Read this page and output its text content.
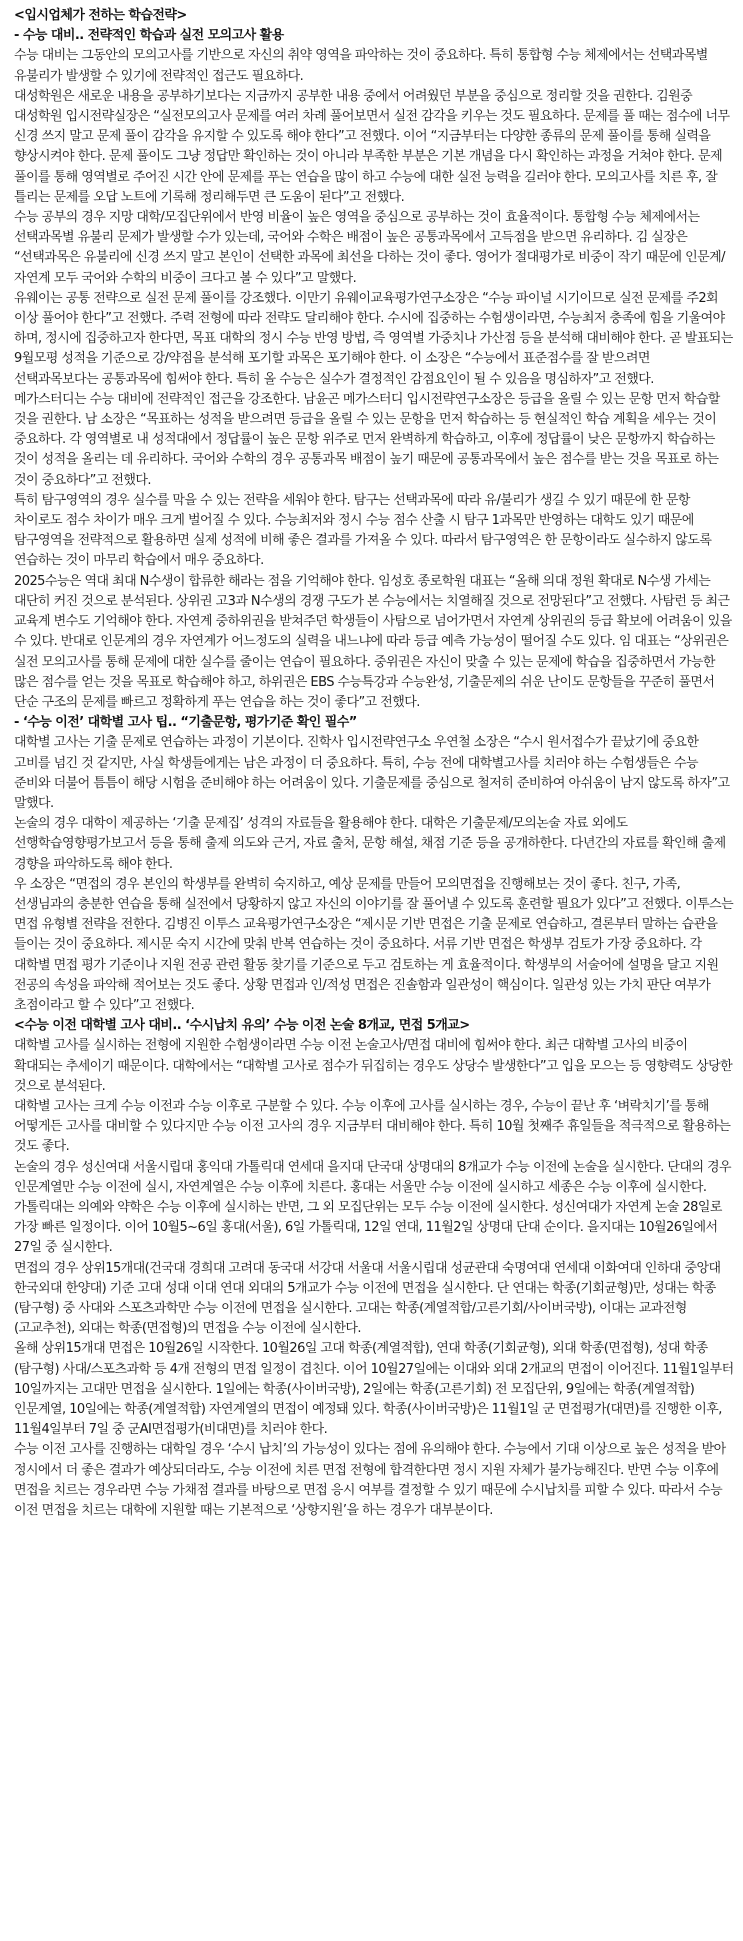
<입시업체가 전하는 학습전략>

- 수능 대비.. 전략적인 학습과 실전 모의고사 활용

수능 대비는 그동안의 모의고사를 기반으로 자신의 취약 영역을 파악하는 것이 중요하다. 특히 통합형 수능 체제에서는 선택과목별 유불리가 발생할 수 있기에 전략적인 접근도 필요하다.

대성학원은 새로운 내용을 공부하기보다는 지금까지 공부한 내용 중에서 어려웠던 부분을 중심으로 정리할 것을 권한다. 김원중 대성학원 입시전략실장은 “실전모의고사 문제를 여러 차례 풀어보면서 실전 감각을 키우는 것도 필요하다. 문제를 풀 때는 점수에 너무 신경 쓰지 말고 문제 풀이 감각을 유지할 수 있도록 해야 한다”고 전했다. 이어 “지금부터는 다양한 종류의 문제 풀이를 통해 실력을 향상시켜야 한다. 문제 풀이도 그냥 정답만 확인하는 것이 아니라 부족한 부분은 기본 개념을 다시 확인하는 과정을 거쳐야 한다. 문제 풀이를 통해 영역별로 주어진 시간 안에 문제를 푸는 연습을 많이 하고 수능에 대한 실전 능력을 길러야 한다. 모의고사를 치른 후, 잘 틀리는 문제를 오답 노트에 기록해 정리해두면 큰 도움이 된다”고 전했다.

수능 공부의 경우 지망 대학/모집단위에서 반영 비율이 높은 영역을 중심으로 공부하는 것이 효율적이다. 통합형 수능 체제에서는 선택과목별 유불리 문제가 발생할 수가 있는데, 국어와 수학은 배점이 높은 공통과목에서 고득점을 받으면 유리하다. 김 실장은 “선택과목은 유불리에 신경 쓰지 말고 본인이 선택한 과목에 최선을 다하는 것이 좋다. 영어가 절대평가로 비중이 작기 때문에 인문계/자연계 모두 국어와 수학의 비중이 크다고 볼 수 있다”고 말했다.

유웨이는 공통 전략으로 실전 문제 풀이를 강조했다. 이만기 유웨이교육평가연구소장은 “수능 파이널 시기이므로 실전 문제를 주2회 이상 풀어야 한다”고 전했다. 주력 전형에 따라 전략도 달리해야 한다. 수시에 집중하는 수험생이라면, 수능최저 충족에 힘을 기울여야 하며, 정시에 집중하고자 한다면, 목표 대학의 정시 수능 반영 방법, 즉 영역별 가중치나 가산점 등을 분석해 대비해야 한다. 곧 발표되는 9월모평 성적을 기준으로 강/약점을 분석해 포기할 과목은 포기해야 한다. 이 소장은 “수능에서 표준점수를 잘 받으려면 선택과목보다는 공통과목에 힘써야 한다. 특히 올 수능은 실수가 결정적인 감점요인이 될 수 있음을 명심하자”고 전했다.

메가스터디는 수능 대비에 전략적인 접근을 강조한다. 남윤곤 메가스터디 입시전략연구소장은 등급을 올릴 수 있는 문항 먼저 학습할 것을 권한다. 남 소장은 “목표하는 성적을 받으려면 등급을 올릴 수 있는 문항을 먼저 학습하는 등 현실적인 학습 계획을 세우는 것이 중요하다. 각 영역별로 내 성적대에서 정답률이 높은 문항 위주로 먼저 완벽하게 학습하고, 이후에 정답률이 낮은 문항까지 학습하는 것이 성적을 올리는 데 유리하다. 국어와 수학의 경우 공통과목 배점이 높기 때문에 공통과목에서 높은 점수를 받는 것을 목표로 하는 것이 중요하다”고 전했다.

특히 탐구영역의 경우 실수를 막을 수 있는 전략을 세워야 한다. 탐구는 선택과목에 따라 유/불리가 생길 수 있기 때문에 한 문항 차이로도 점수 차이가 매우 크게 벌어질 수 있다. 수능최저와 정시 수능 점수 산출 시 탐구 1과목만 반영하는 대학도 있기 때문에 탐구영역을 전략적으로 활용하면 실제 성적에 비해 좋은 결과를 가져올 수 있다. 따라서 탐구영역은 한 문항이라도 실수하지 않도록 연습하는 것이 마무리 학습에서 매우 중요하다.

2025수능은 역대 최대 N수생이 합류한 해라는 점을 기억해야 한다. 임성호 종로학원 대표는 “올해 의대 정원 확대로 N수생 가세는 대단히 커진 것으로 분석된다. 상위권 고3과 N수생의 경쟁 구도가 본 수능에서는 치열해질 것으로 전망된다”고 전했다. 사탐런 등 최근 교육계 변수도 기억해야 한다. 자연계 중하위권을 받쳐주던 학생들이 사탐으로 넘어가면서 자연계 상위권의 등급 확보에 어려움이 있을 수 있다. 반대로 인문계의 경우 자연계가 어느정도의 실력을 내느냐에 따라 등급 예측 가능성이 떨어질 수도 있다. 임 대표는 “상위권은 실전 모의고사를 통해 문제에 대한 실수를 줄이는 연습이 필요하다. 중위권은 자신이 맞출 수 있는 문제에 학습을 집중하면서 가능한 많은 점수를 얻는 것을 목표로 학습해야 하고, 하위권은 EBS 수능특강과 수능완성, 기출문제의 쉬운 난이도 문항들을 꾸준히 풀면서 단순 구조의 문제를 빠르고 정확하게 푸는 연습을 하는 것이 좋다”고 전했다.

- ‘수능 이전’ 대학별 고사 팁.. “기출문항, 평가기준 확인 필수”

대학별 고사는 기출 문제로 연습하는 과정이 기본이다. 진학사 입시전략연구소 우연철 소장은 “수시 원서접수가 끝났기에 중요한 고비를 넘긴 것 같지만, 사실 학생들에게는 남은 과정이 더 중요하다. 특히, 수능 전에 대학별고사를 치러야 하는 수험생들은 수능 준비와 더불어 틈틈이 해당 시험을 준비해야 하는 어려움이 있다. 기출문제를 중심으로 철저히 준비하여 아쉬움이 남지 않도록 하자”고 말했다.

논술의 경우 대학이 제공하는 ‘기출 문제집’ 성격의 자료들을 활용해야 한다. 대학은 기출문제/모의논술 자료 외에도 선행학습영향평가보고서 등을 통해 출제 의도와 근거, 자료 출처, 문항 해설, 채점 기준 등을 공개하한다. 다년간의 자료를 확인해 출제 경향을 파악하도록 해야 한다.

우 소장은 “면접의 경우 본인의 학생부를 완벽히 숙지하고, 예상 문제를 만들어 모의면접을 진행해보는 것이 좋다. 친구, 가족, 선생님과의 충분한 연습을 통해 실전에서 당황하지 않고 자신의 이야기를 잘 풀어낼 수 있도록 훈련할 필요가 있다”고 전했다. 이투스는 면접 유형별 전략을 전한다. 김병진 이투스 교육평가연구소장은 “제시문 기반 면접은 기출 문제로 연습하고, 결론부터 말하는 습관을 들이는 것이 중요하다. 제시문 숙지 시간에 맞춰 반복 연습하는 것이 중요하다. 서류 기반 면접은 학생부 검토가 가장 중요하다. 각 대학별 면접 평가 기준이나 지원 전공 관련 활동 찾기를 기준으로 두고 검토하는 게 효율적이다. 학생부의 서술어에 설명을 달고 지원 전공의 속성을 파악해 적어보는 것도 좋다. 상황 면접과 인/적성 면접은 진솔함과 일관성이 핵심이다. 일관성 있는 가치 판단 여부가 초점이라고 할 수 있다”고 전했다.

<수능 이전 대학별 고사 대비.. ‘수시납치 유의’ 수능 이전 논술 8개교, 면접 5개교>

대학별 고사를 실시하는 전형에 지원한 수험생이라면 수능 이전 논술고사/면접 대비에 힘써야 한다. 최근 대학별 고사의 비중이 확대되는 추세이기 때문이다. 대학에서는 “대학별 고사로 점수가 뒤집히는 경우도 상당수 발생한다”고 입을 모으는 등 영향력도 상당한 것으로 분석된다.

대학별 고사는 크게 수능 이전과 수능 이후로 구분할 수 있다. 수능 이후에 고사를 실시하는 경우, 수능이 끝난 후 ‘벼락치기’를 통해 어떻게든 고사를 대비할 수 있다지만 수능 이전 고사의 경우 지금부터 대비해야 한다. 특히 10월 첫째주 휴일들을 적극적으로 활용하는 것도 좋다.

논술의 경우 성신여대 서울시립대 홍익대 가톨릭대 연세대 을지대 단국대 상명대의 8개교가 수능 이전에 논술을 실시한다. 단대의 경우 인문계열만 수능 이전에 실시, 자연계열은 수능 이후에 치른다. 홍대는 서울만 수능 이전에 실시하고 세종은 수능 이후에 실시한다. 가톨릭대는 의예와 약학은 수능 이후에 실시하는 반면, 그 외 모집단위는 모두 수능 이전에 실시한다. 성신여대가 자연계 논술 28일로 가장 빠른 일정이다. 이어 10월5~6일 홍대(서울), 6일 가톨릭대, 12일 연대, 11월2일 상명대 단대 순이다. 을지대는 10월26일에서 27일 중 실시한다.

면접의 경우 상위15개대(건국대 경희대 고려대 동국대 서강대 서울대 서울시립대 성균관대 숙명여대 연세대 이화여대 인하대 중앙대 한국외대 한양대) 기준 고대 성대 이대 연대 외대의 5개교가 수능 이전에 면접을 실시한다. 단 연대는 학종(기회균형)만, 성대는 학종(탐구형) 중 사대와 스포츠과학만 수능 이전에 면접을 실시한다. 고대는 학종(계열적합/고른기회/사이버국방), 이대는 교과전형(고교추천), 외대는 학종(면접형)의 면접을 수능 이전에 실시한다.

올해 상위15개대 면접은 10월26일 시작한다. 10월26일 고대 학종(계열적합), 연대 학종(기회균형), 외대 학종(면접형), 성대 학종(탐구형) 사대/스포츠과학 등 4개 전형의 면접 일정이 겹친다. 이어 10월27일에는 이대와 외대 2개교의 면접이 이어진다. 11월1일부터 10일까지는 고대만 면접을 실시한다. 1일에는 학종(사이버국방), 2일에는 학종(고른기회) 전 모집단위, 9일에는 학종(계열적합) 인문계열, 10일에는 학종(계열적합) 자연계열의 면접이 예정돼 있다. 학종(사이버국방)은 11월1일 군 면접평가(대면)를 진행한 이후, 11월4일부터 7일 중 군AI면접평가(비대면)를 치러야 한다.

수능 이전 고사를 진행하는 대학일 경우 ‘수시 납치’의 가능성이 있다는 점에 유의해야 한다. 수능에서 기대 이상으로 높은 성적을 받아 정시에서 더 좋은 결과가 예상되더라도, 수능 이전에 치른 면접 전형에 합격한다면 정시 지원 자체가 불가능해진다. 반면 수능 이후에 면접을 치르는 경우라면 수능 가채점 결과를 바탕으로 면접 응시 여부를 결정할 수 있기 때문에 수시납치를 피할 수 있다. 따라서 수능 이전 면접을 치르는 대학에 지원할 때는 기본적으로 ‘상향지원’을 하는 경우가 대부분이다.
